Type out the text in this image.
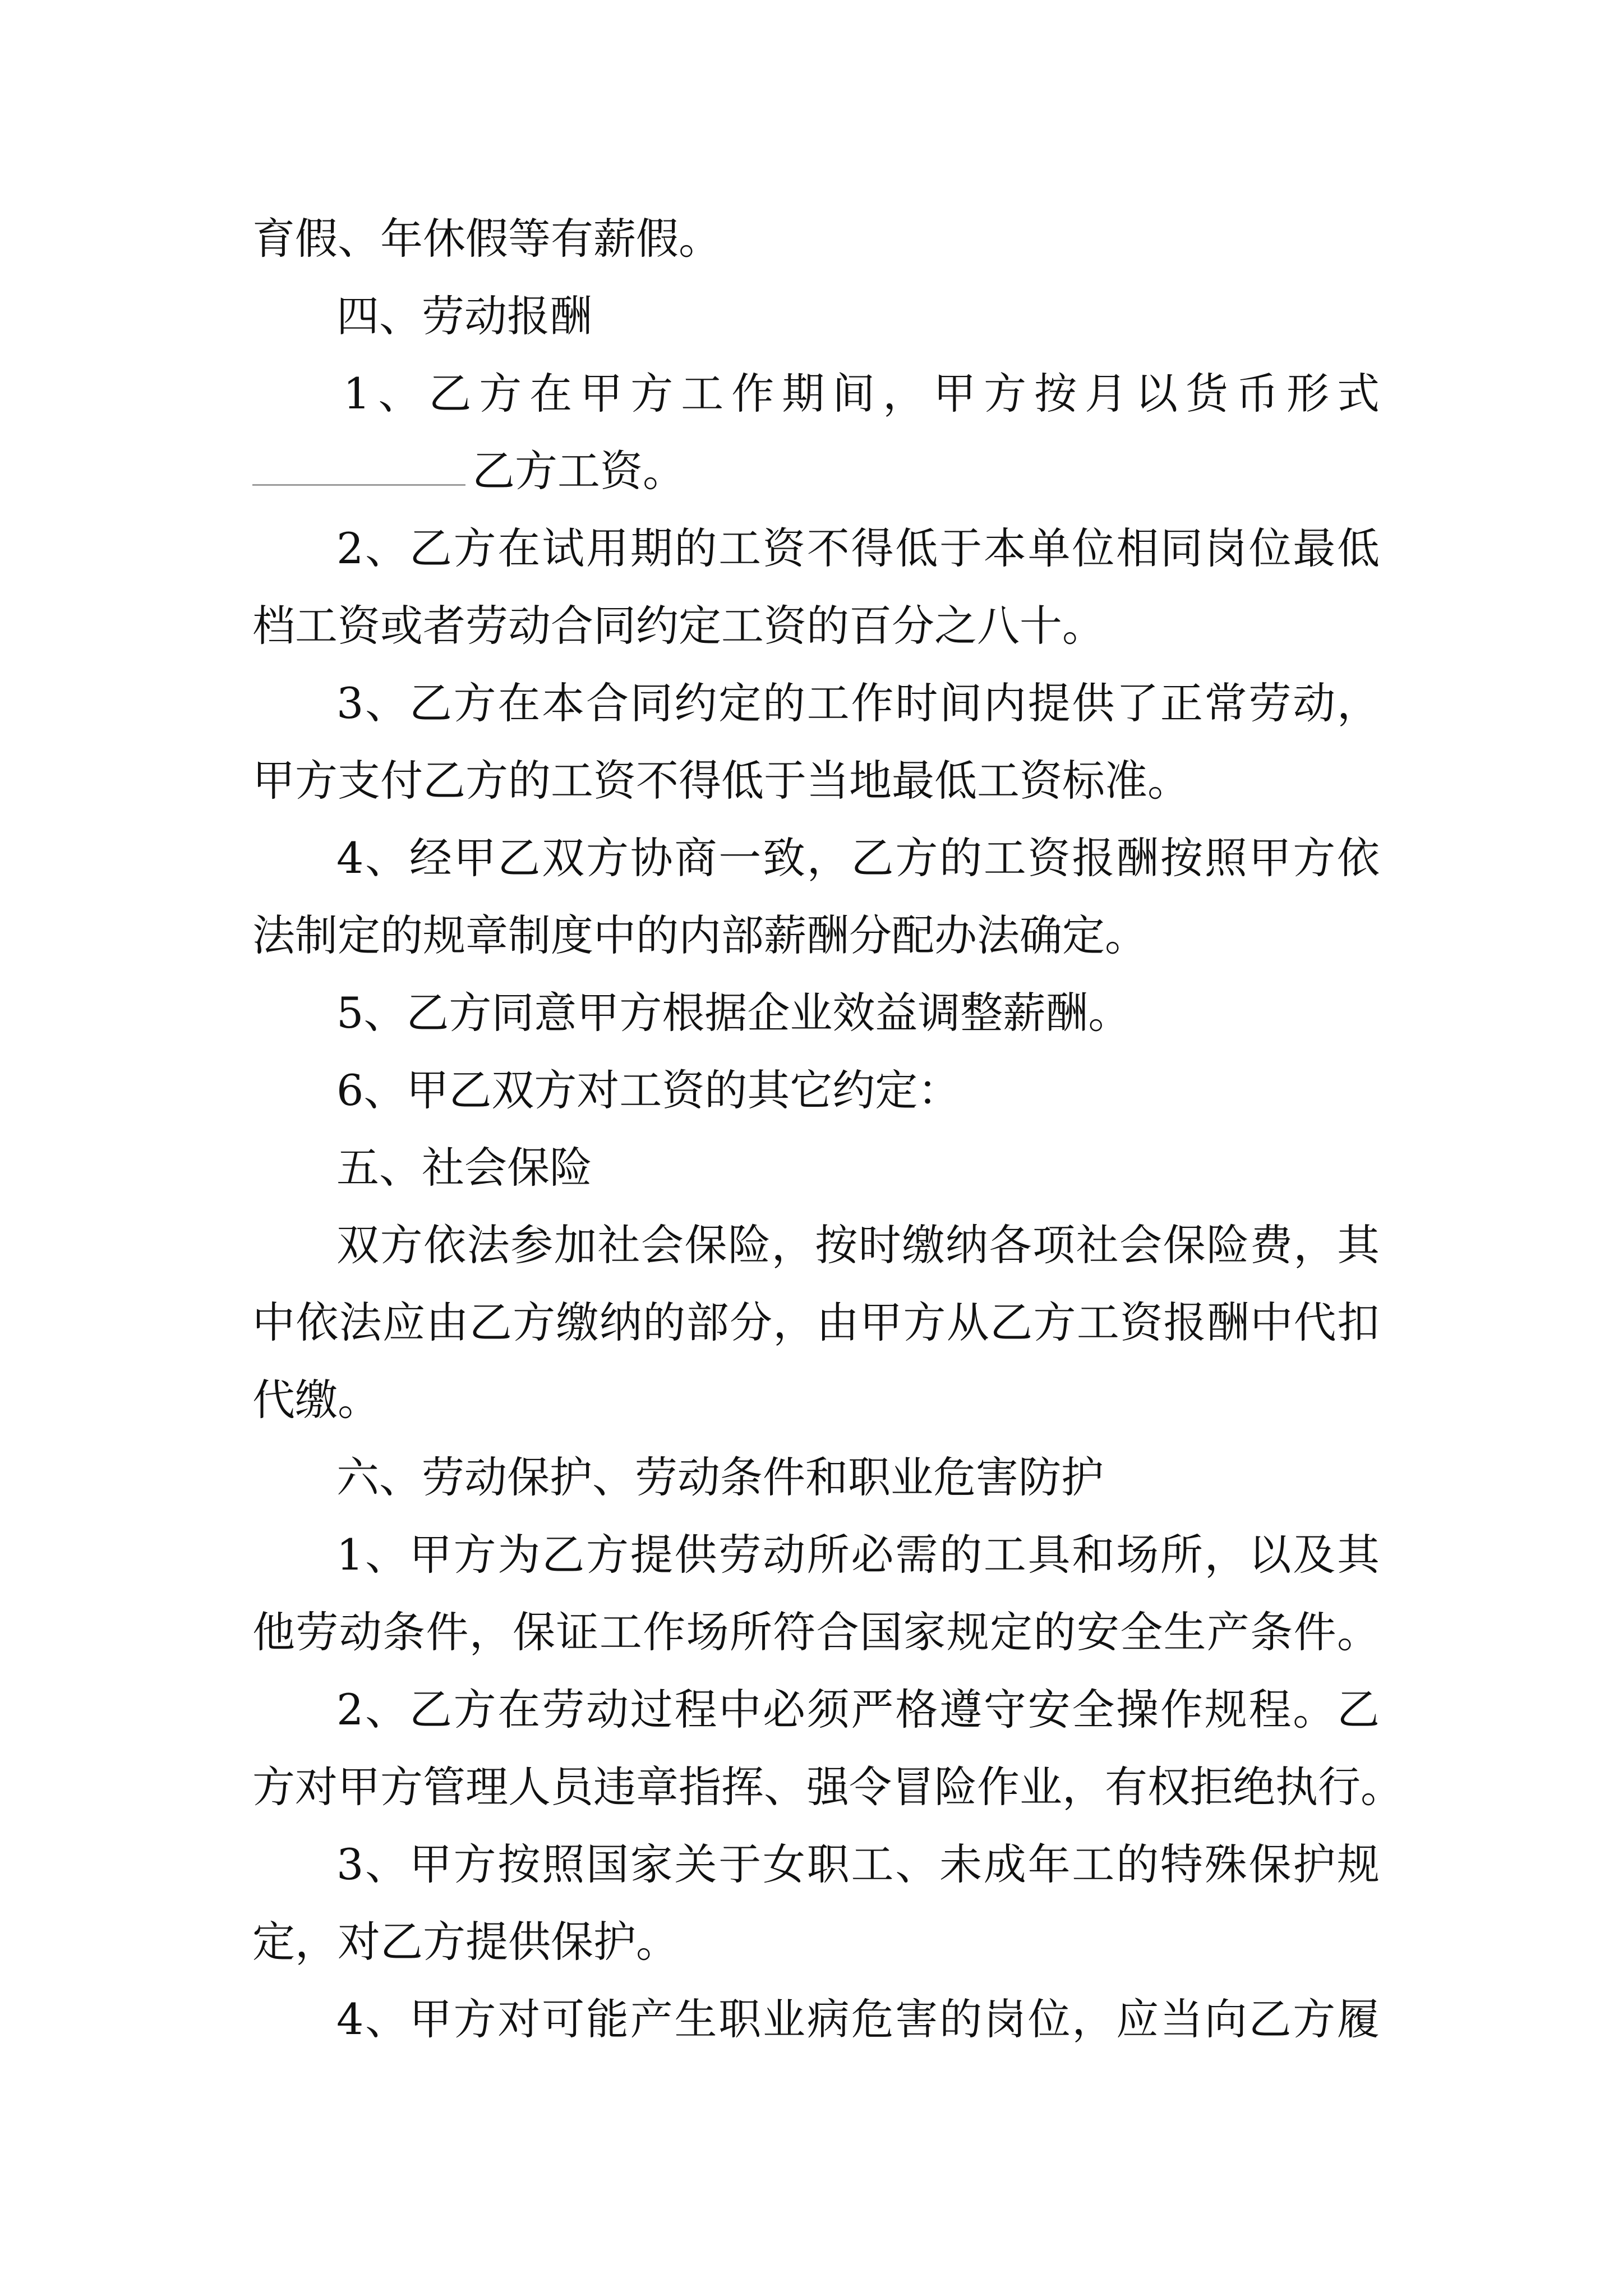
育假、年休假等有薪假。
四、劳动报酬
1、乙方在甲方工作期间，甲方按月以货币形式
乙方工资。
2、乙方在试用期的工资不得低于本单位相同岗位最低
档工资或者劳动合同约定工资的百分之八十。
3、乙方在本合同约定的工作时间内提供了正常劳动，
甲方支付乙方的工资不得低于当地最低工资标准。
4、经甲乙双方协商一致，乙方的工资报酬按照甲方依
法制定的规章制度中的内部薪酬分配办法确定。
5、乙方同意甲方根据企业效益调整薪酬。
6、甲乙双方对工资的其它约定：
五、社会保险
双方依法参加社会保险，按时缴纳各项社会保险费，其
中依法应由乙方缴纳的部分，由甲方从乙方工资报酬中代扣
代缴。
六、劳动保护、劳动条件和职业危害防护
1、甲方为乙方提供劳动所必需的工具和场所，以及其
他劳动条件，保证工作场所符合国家规定的安全生产条件。
2、乙方在劳动过程中必须严格遵守安全操作规程。乙
方对甲方管理人员违章指挥、强令冒险作业，有权拒绝执行。
3、甲方按照国家关于女职工、未成年工的特殊保护规
定，对乙方提供保护。
4、甲方对可能产生职业病危害的岗位，应当向乙方履
